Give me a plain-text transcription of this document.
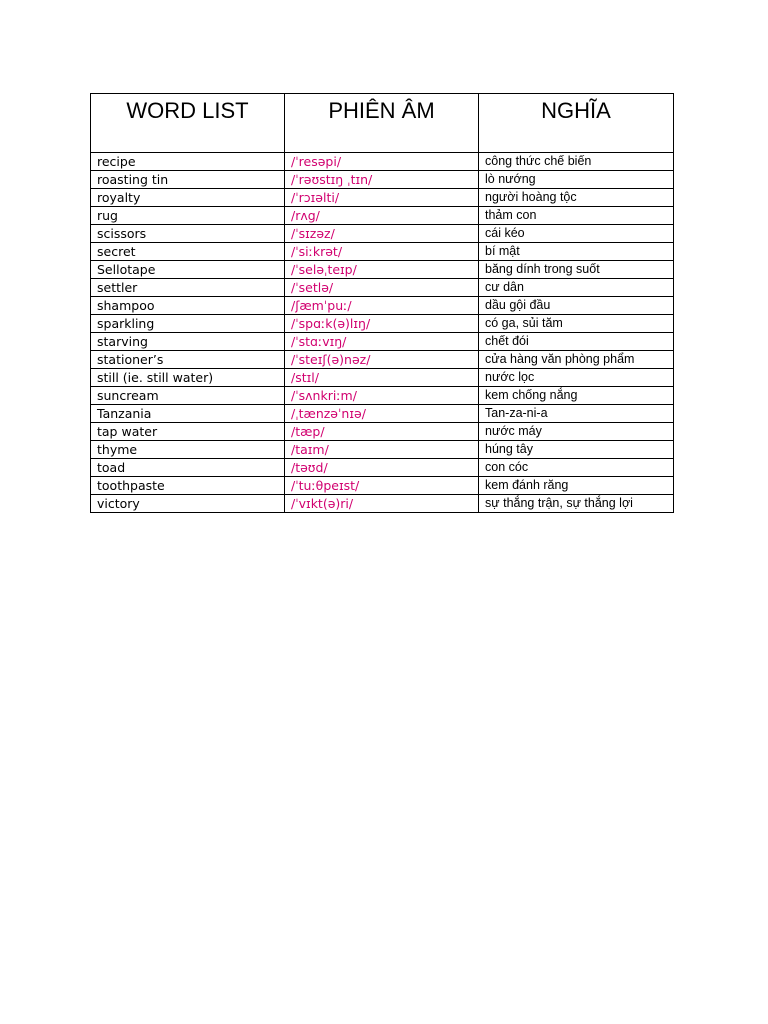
WORD LIST	PHIÊN ÂM	NGHĨA
recipe	/ˈresəpi/	công thức chế biến
roasting tin	/ˈrəʊstɪŋ ˌtɪn/	lò nướng
royalty	/ˈrɔɪəlti/	người hoàng tộc
rug	/rʌg/	thảm con
scissors	/ˈsɪzəz/	cái kéo
secret	/ˈsiːkrət/	bí mật
Sellotape	/ˈseləˌteɪp/	băng dính trong suốt
settler	/ˈsetlə/	cư dân
shampoo	/ʃæmˈpuː/	dầu gội đầu
sparkling	/ˈspɑːk(ə)lɪŋ/	có ga, sủi tăm
starving	/ˈstɑːvɪŋ/	chết đói
stationer’s	/ˈsteɪʃ(ə)nəz/	cửa hàng văn phòng phẩm
still (ie. still water)	/stɪl/	nước lọc
suncream	/ˈsʌnkriːm/	kem chống nắng
Tanzania	/ˌtænzəˈnɪə/	Tan-za-ni-a
tap water	/tæp/	nước máy
thyme	/taɪm/	húng tây
toad	/təʊd/	con cóc
toothpaste	/ˈtuːθpeɪst/	kem đánh răng
victory	/ˈvɪkt(ə)ri/	sự thắng trận, sự thắng lợi
